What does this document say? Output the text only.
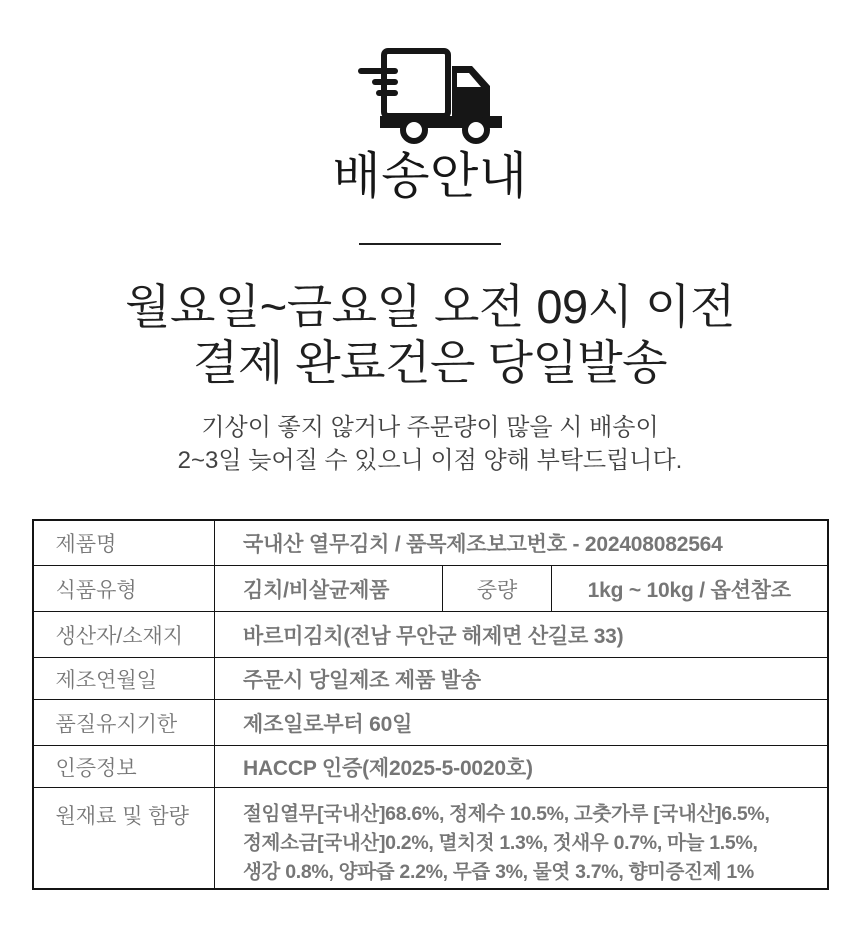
배송안내
월요일~금요일 오전 09시 이전
결제 완료건은 당일발송
기상이 좋지 않거나 주문량이 많을 시 배송이
2~3일 늦어질 수 있으니 이점 양해 부탁드립니다.
제품명	국내산 열무김치 / 품목제조보고번호 - 202408082564		
식품유형	김치/비살균제품	중량	1kg ~ 10kg / 옵션참조
생산자/소재지	바르미김치(전남 무안군 해제면 산길로 33)		
제조연월일	주문시 당일제조 제품 발송		
품질유지기한	제조일로부터 60일		
인증정보	HACCP 인증(제2025-5-0020호)		
원재료 및 함량	절임열무[국내산]68.6%, 정제수 10.5%, 고춧가루 [국내산]6.5%,
정제소금[국내산]0.2%, 멸치젓 1.3%, 젓새우 0.7%, 마늘 1.5%,
생강 0.8%, 양파즙 2.2%, 무즙 3%, 물엿 3.7%, 향미증진제 1%		
